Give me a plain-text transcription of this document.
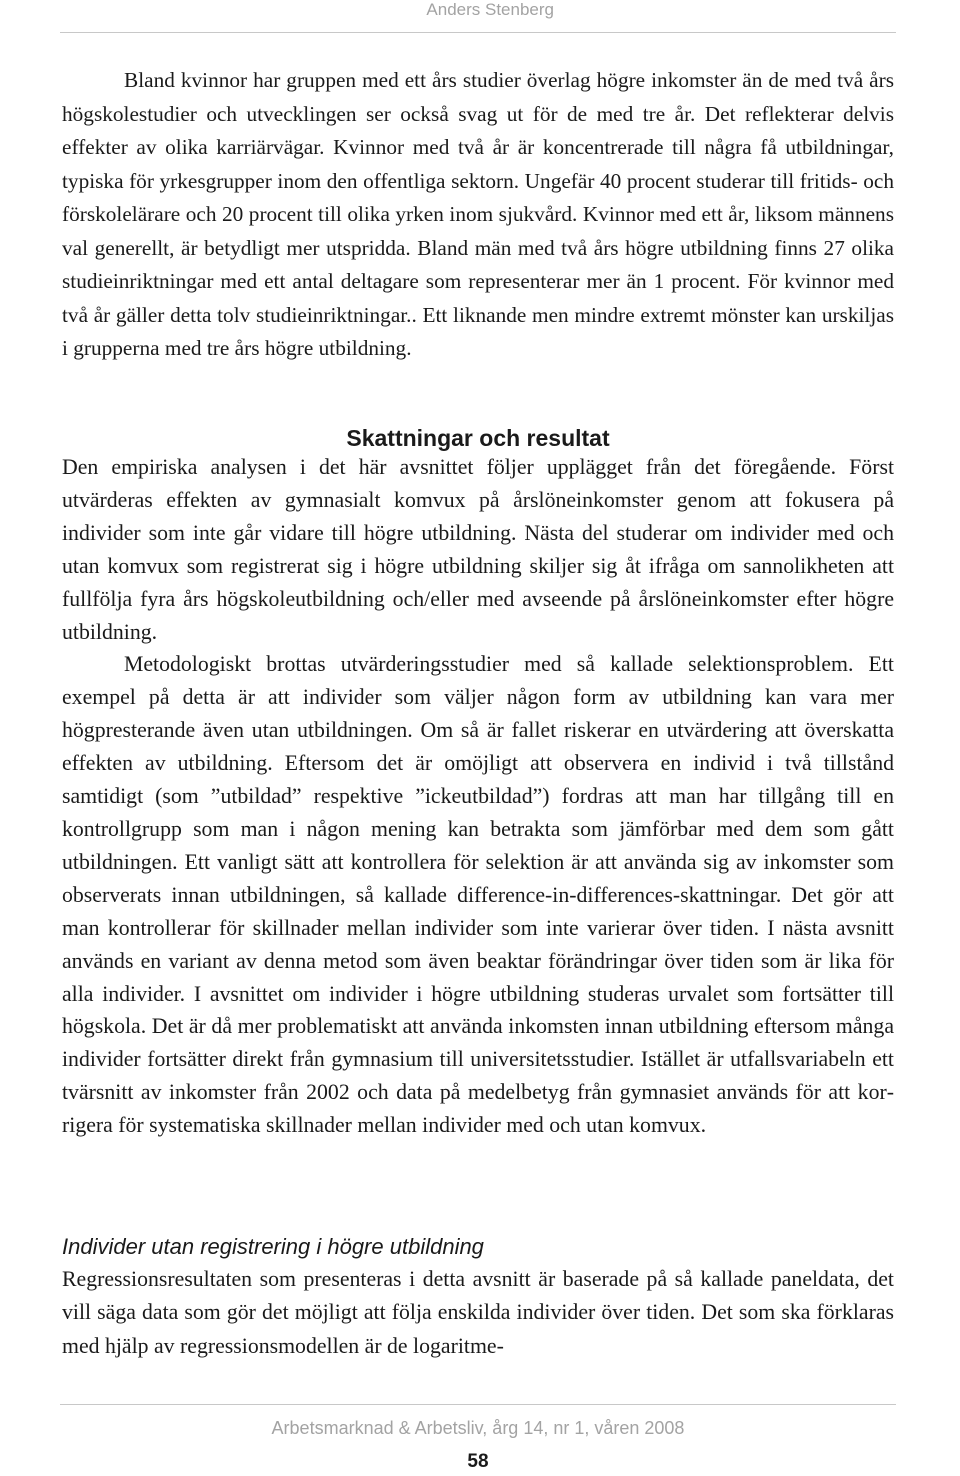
Anders Stenberg

Bland kvinnor har gruppen med ett års studier överlag högre inkomster än de med två års högskolestudier och utvecklingen ser också svag ut för de med tre år. Det reflekterar delvis effekter av olika karriärvägar. Kvinnor med två år är koncentrerade till några få utbildningar, typiska för yrkesgrupper inom den offentliga sektorn. Ungefär 40 procent studerar till fritids- och förskolelärare och 20 procent till olika yrken inom sjukvård. Kvinnor med ett år, liksom männens val generellt, är betydligt mer utspridda. Bland män med två års högre utbildning finns 27 olika studieinriktningar med ett antal deltagare som representerar mer än 1 procent. För kvinnor med två år gäller detta tolv studieinriktningar.. Ett liknande men mindre extremt mönster kan urskiljas i grupperna med tre års högre utbildning.

Skattningar och resultat

Den empiriska analysen i det här avsnittet följer upplägget från det föregående. Först utvärderas effekten av gymnasialt komvux på årslöneinkomster genom att fokusera på individer som inte går vidare till högre utbildning. Nästa del studerar om individer med och utan komvux som registrerat sig i högre utbildning skiljer sig åt ifråga om sannolikheten att fullfölja fyra års högskoleutbildning och/eller med avseende på årslöneinkomster efter högre utbildning.

Metodologiskt brottas utvärderingsstudier med så kallade selektionsproblem. Ett exempel på detta är att individer som väljer någon form av utbildning kan vara mer högpresterande även utan utbildningen. Om så är fallet riskerar en utvärdering att överskatta effekten av utbildning. Eftersom det är omöjligt att observera en individ i två tillstånd samtidigt (som ”utbildad” respektive ”ickeutbildad”) fordras att man har tillgång till en kontrollgrupp som man i någon mening kan betrakta som jämförbar med dem som gått utbildningen. Ett vanligt sätt att kontrollera för selektion är att använda sig av inkomster som observerats innan utbildningen, så kallade difference-in-differences-skattningar. Det gör att man kontrollerar för skillnader mellan individer som inte varierar över tiden. I nästa avsnitt används en variant av denna metod som även beaktar förändringar över tiden som är lika för alla individer. I avsnittet om individer i högre utbildning studeras urvalet som fortsätter till högskola. Det är då mer problematiskt att använda inkomsten innan utbildning eftersom många individer fortsätter direkt från gymnasium till universitetsstudier. Istället är utfallsvariabeln ett tvärsnitt av inkomster från 2002 och data på medelbetyg från gymnasiet används för att korrigera för systematiska skillnader mellan individer med och utan komvux.

Individer utan registrering i högre utbildning

Regressionsresultaten som presenteras i detta avsnitt är baserade på så kallade paneldata, det vill säga data som gör det möjligt att följa enskilda individer över tiden. Det som ska förklaras med hjälp av regressionsmodellen är de logaritme-

Arbetsmarknad & Arbetsliv, årg 14, nr 1, våren 2008
58
